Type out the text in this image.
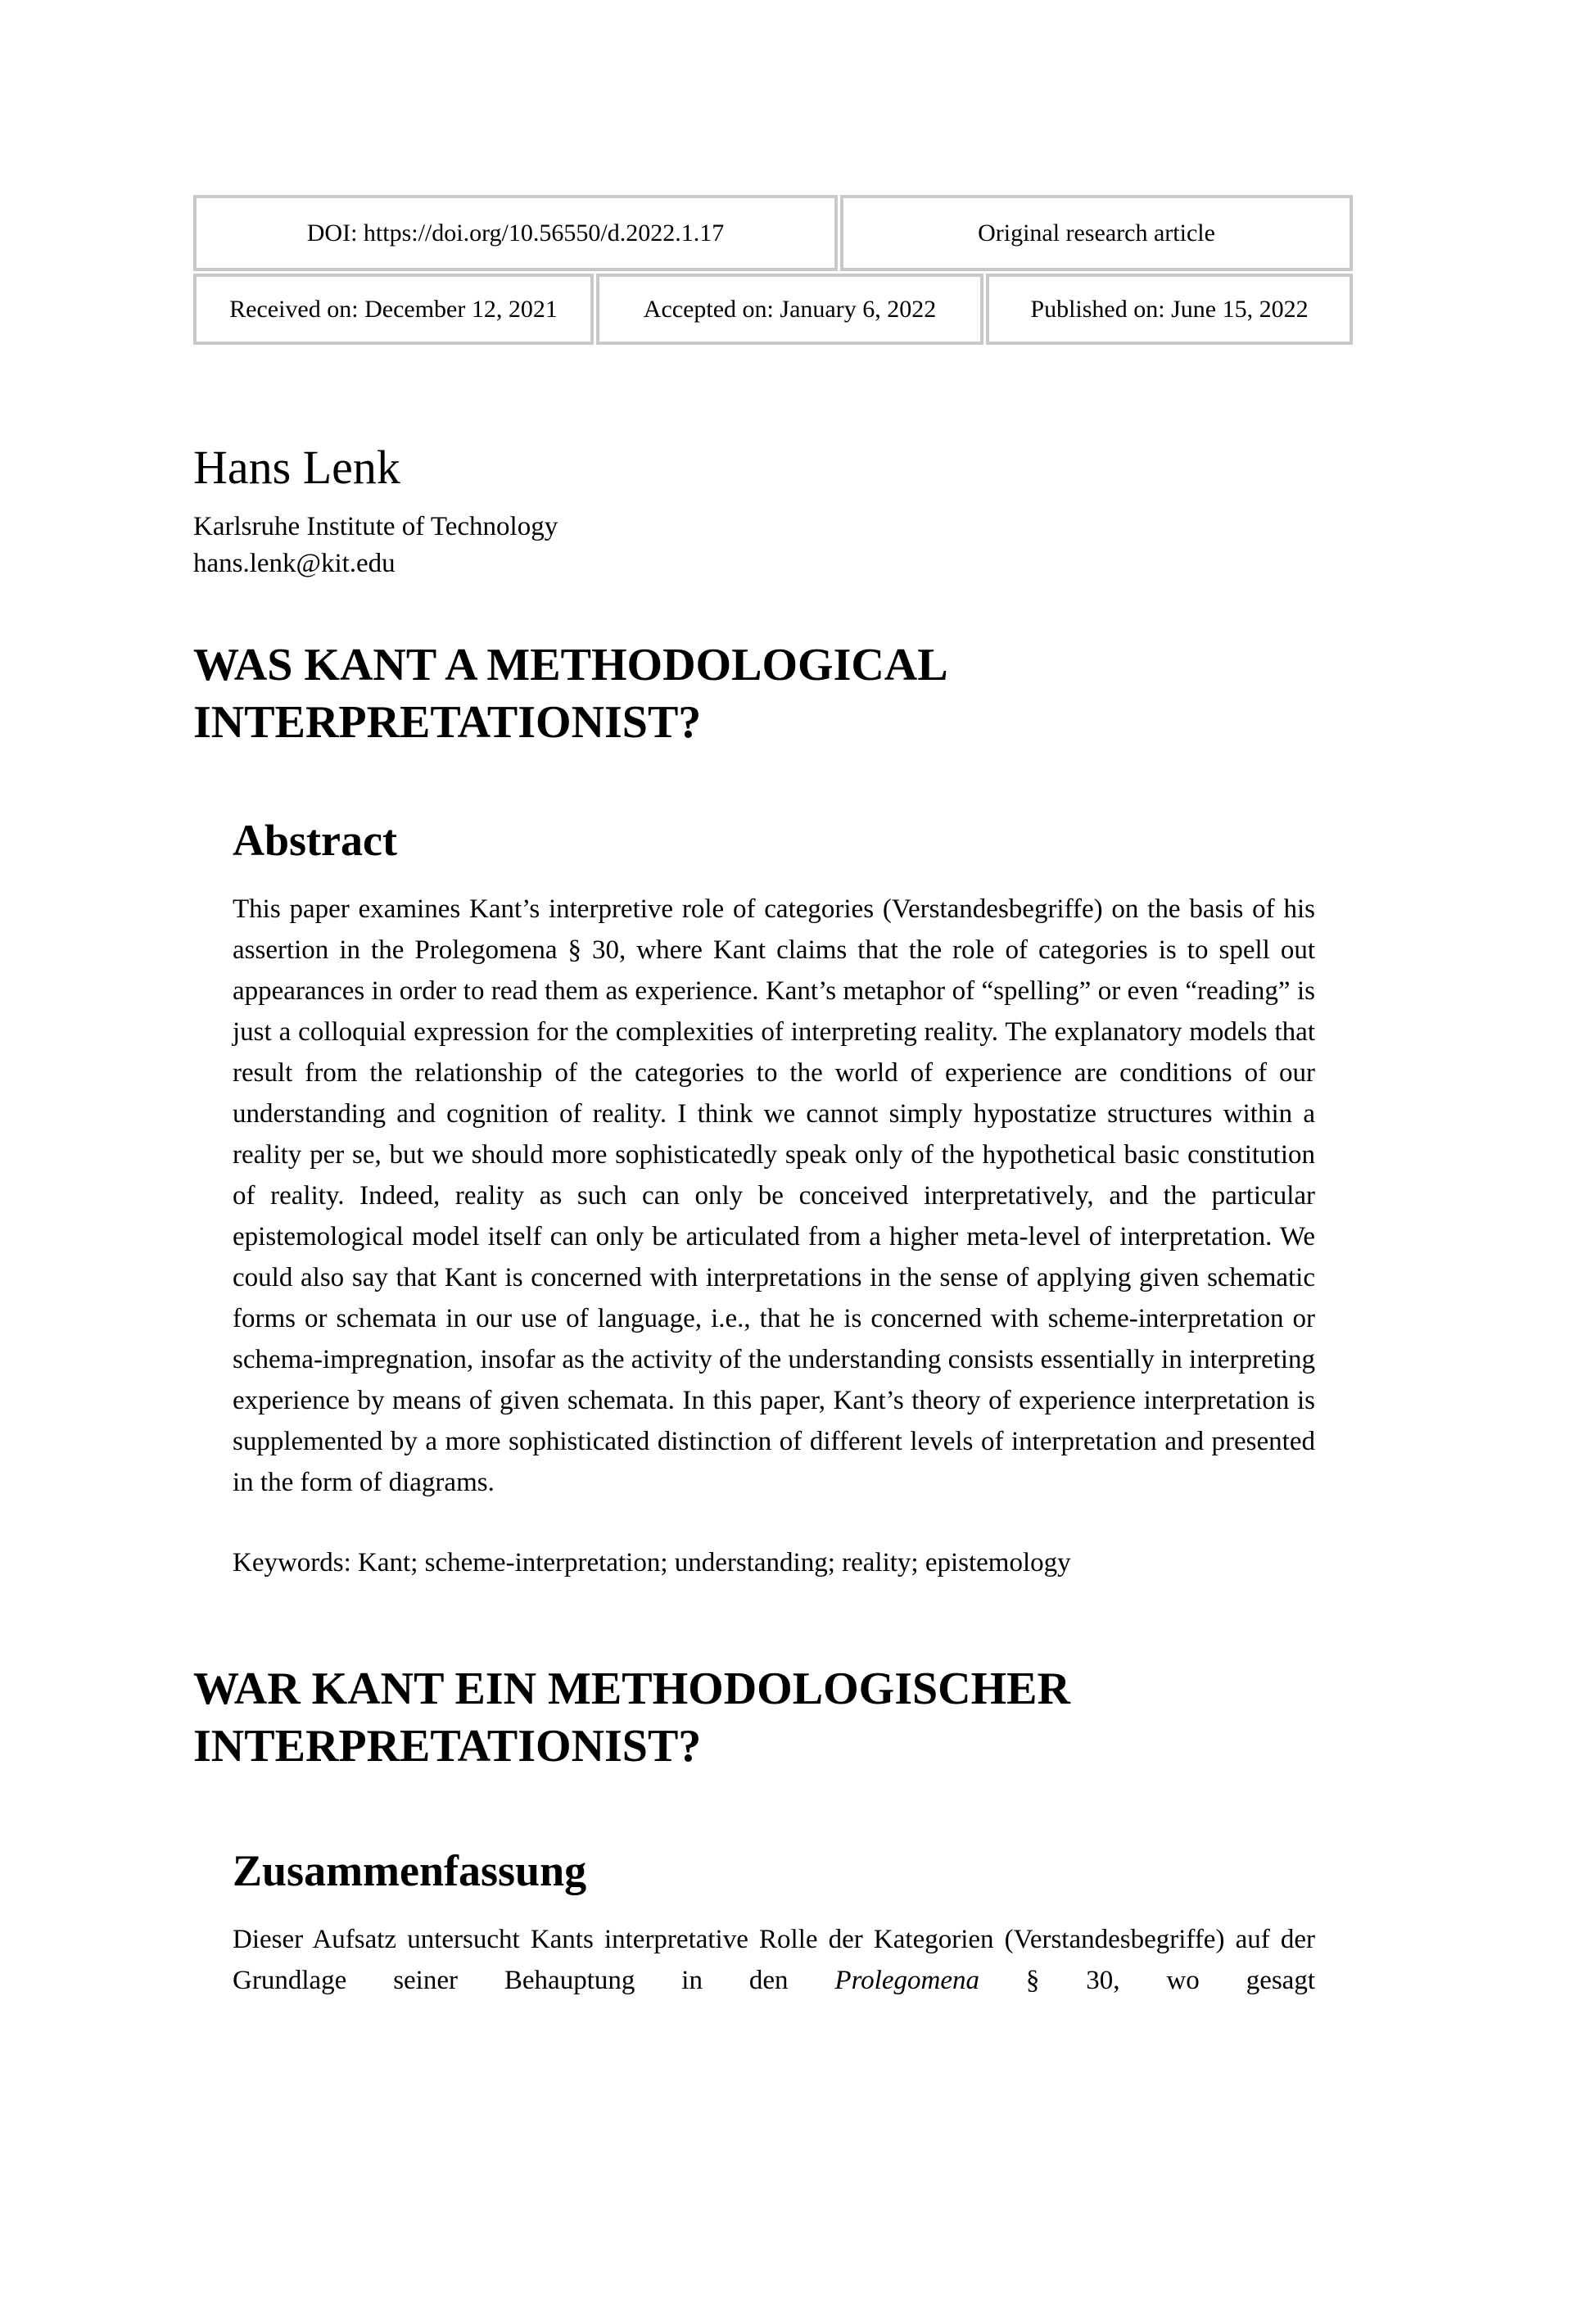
DOI: https://doi.org/10.56550/d.2022.1.17	Original research article
Received on: December 12, 2021	Accepted on: January 6, 2022	Published on: June 15, 2022
Hans Lenk
Karlsruhe Institute of Technology
hans.lenk@kit.edu
WAS KANT A METHODOLOGICAL INTERPRETATIONIST?
Abstract
This paper examines Kant’s interpretive role of categories (Verstandesbegriffe) on the basis of his assertion in the Prolegomena § 30, where Kant claims that the role of categories is to spell out appearances in order to read them as experience. Kant’s metaphor of “spelling” or even “reading” is just a colloquial expression for the complexities of interpreting reality. The explanatory models that result from the relationship of the categories to the world of experience are conditions of our understanding and cognition of reality. I think we cannot simply hypostatize structures within a reality per se, but we should more sophisticatedly speak only of the hypothetical basic constitution of reality. Indeed, reality as such can only be conceived interpretatively, and the particular epistemological model itself can only be articulated from a higher meta-level of interpretation. We could also say that Kant is concerned with interpretations in the sense of applying given schematic forms or schemata in our use of language, i.e., that he is concerned with scheme-interpretation or schema-impregnation, insofar as the activity of the understanding consists essentially in interpreting experience by means of given schemata. In this paper, Kant’s theory of experience interpretation is supplemented by a more sophisticated distinction of different levels of interpretation and presented in the form of diagrams.
Keywords: Kant; scheme-interpretation; understanding; reality; epistemology
WAR KANT EIN METHODOLOGISCHER INTERPRETATIONIST?
Zusammenfassung
Dieser Aufsatz untersucht Kants interpretative Rolle der Kategorien (Verstandesbegriffe) auf der Grundlage seiner Behauptung in den Prolegomena § 30, wo gesagt
